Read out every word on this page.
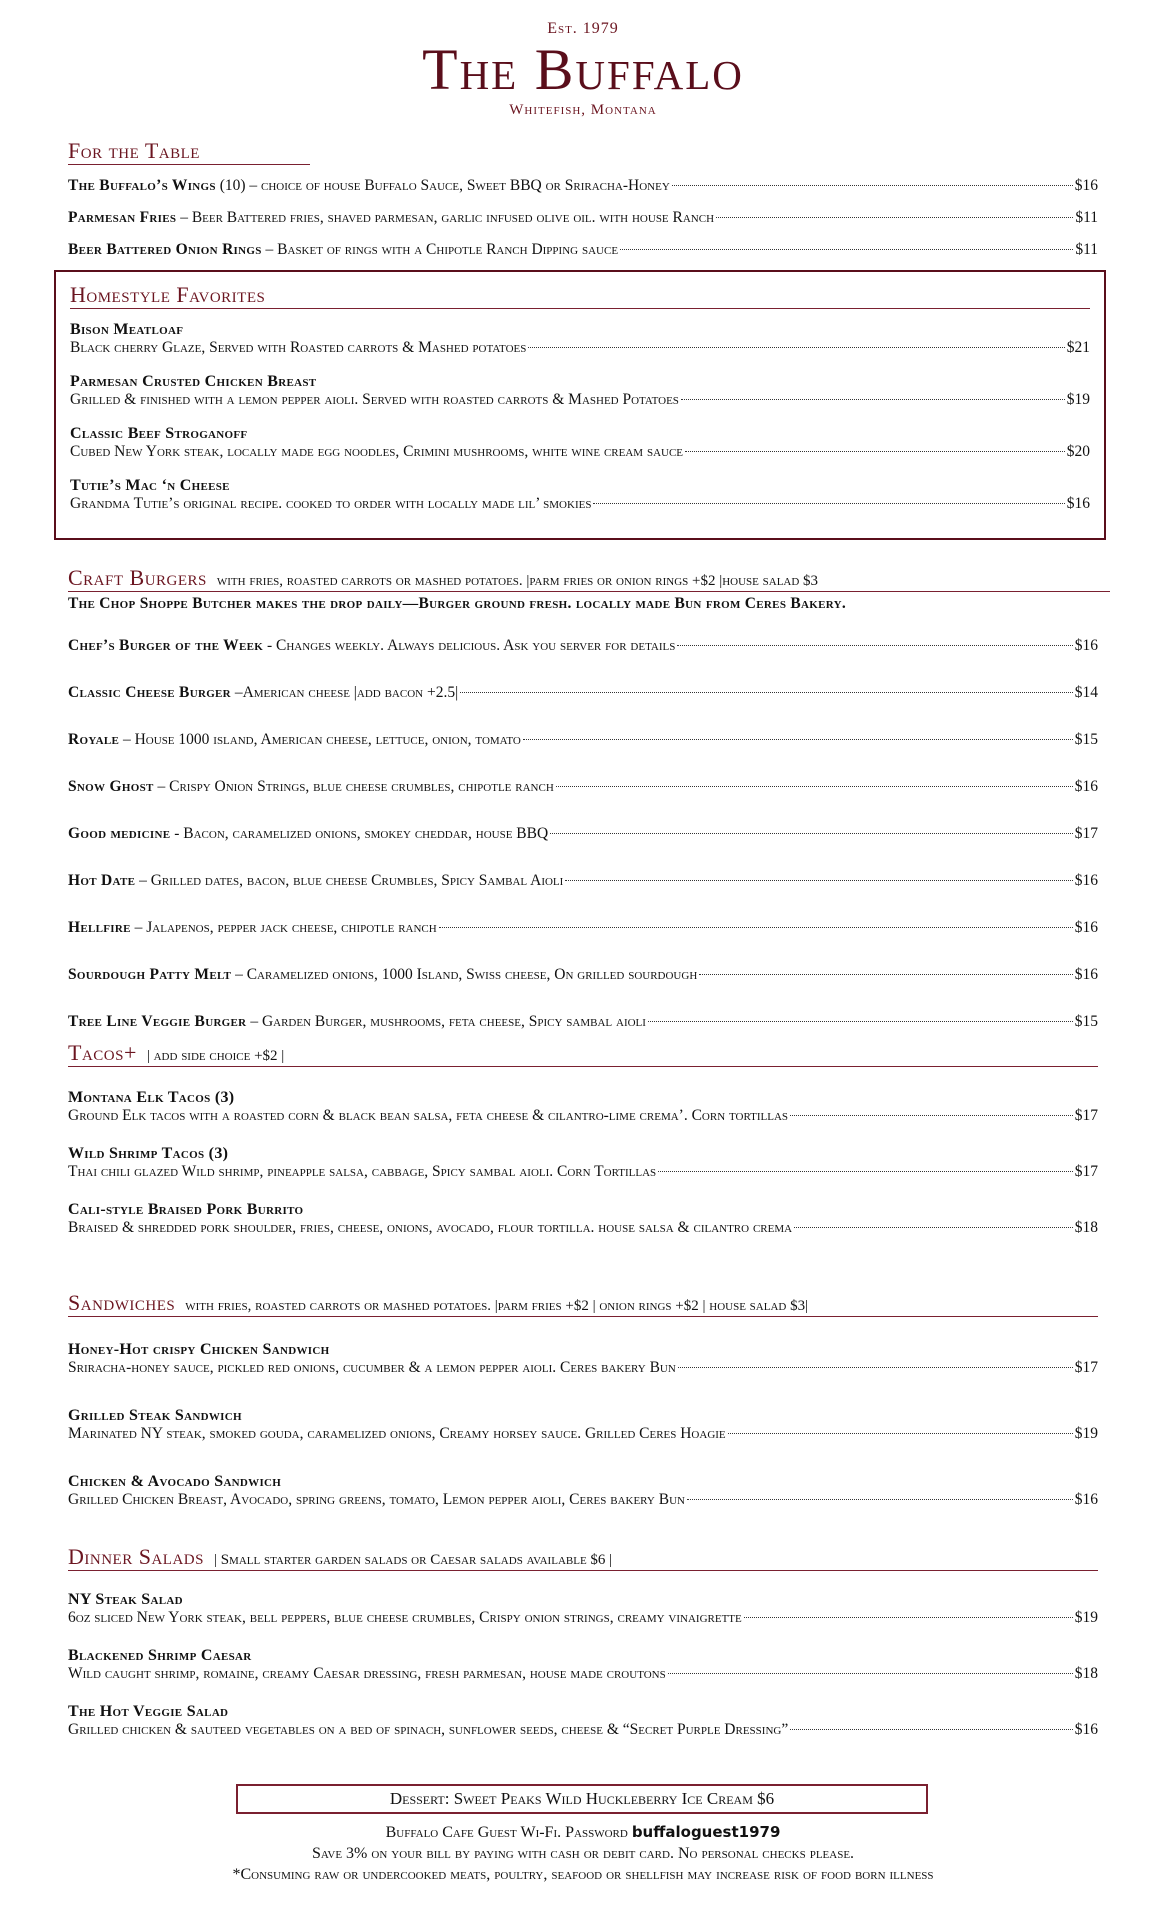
Est. 1979
The Buffalo
Whitefish, Montana
For the Table
The Buffalo’s Wings (10) – choice of house Buffalo Sauce, Sweet BBQ or Sriracha-Honey	$16
Parmesan Fries – Beer Battered fries, shaved parmesan, garlic infused olive oil. with house Ranch	$11
Beer Battered Onion Rings – Basket of rings with a Chipotle Ranch Dipping sauce	$11
Homestyle Favorites
Bison Meatloaf
Black cherry Glaze, Served with Roasted carrots & Mashed potatoes	$21
Parmesan Crusted Chicken Breast
Grilled & finished with a lemon pepper aioli. Served with roasted carrots & Mashed Potatoes	$19
Classic Beef Stroganoff
Cubed New York steak, locally made egg noodles, Crimini mushrooms, white wine cream sauce	$20
Tutie’s Mac ‘n Cheese
Grandma Tutie’s original recipe. cooked to order with locally made lil’ smokies	$16
Craft Burgers with fries, roasted carrots or mashed potatoes. |parm fries or onion rings +$2 |house salad $3
The Chop Shoppe Butcher makes the drop daily—Burger ground fresh. locally made Bun from Ceres Bakery.
Chef’s Burger of the Week - Changes weekly. Always delicious. Ask you server for details	$16
Classic Cheese Burger –American cheese |add bacon +2.5|	$14
Royale – House 1000 island, American cheese, lettuce, onion, tomato	$15
Snow Ghost – Crispy Onion Strings, blue cheese crumbles, chipotle ranch	$16
Good medicine - Bacon, caramelized onions, smokey cheddar, house BBQ	$17
Hot Date – Grilled dates, bacon, blue cheese Crumbles, Spicy Sambal Aioli	$16
Hellfire – Jalapenos, pepper jack cheese, chipotle ranch	$16
Sourdough Patty Melt – Caramelized onions, 1000 Island, Swiss cheese, On grilled sourdough	$16
Tree Line Veggie Burger – Garden Burger, mushrooms, feta cheese, Spicy sambal aioli	$15
Tacos+ | add side choice +$2 |
Montana Elk Tacos (3)
Ground Elk tacos with a roasted corn & black bean salsa, feta cheese & cilantro-lime crema’. Corn tortillas	$17
Wild Shrimp Tacos (3)
Thai chili glazed Wild shrimp, pineapple salsa, cabbage, Spicy sambal aioli. Corn Tortillas	$17
Cali-style Braised Pork Burrito
Braised & shredded pork shoulder, fries, cheese, onions, avocado, flour tortilla. house salsa & cilantro crema	$18
Sandwiches with fries, roasted carrots or mashed potatoes. |parm fries +$2 | onion rings +$2 | house salad $3|
Honey-Hot crispy Chicken Sandwich
Sriracha-honey sauce, pickled red onions, cucumber & a lemon pepper aioli. Ceres bakery Bun	$17
Grilled Steak Sandwich
Marinated NY steak, smoked gouda, caramelized onions, Creamy horsey sauce. Grilled Ceres Hoagie	$19
Chicken & Avocado Sandwich
Grilled Chicken Breast, Avocado, spring greens, tomato, Lemon pepper aioli, Ceres bakery Bun	$16
Dinner Salads | Small starter garden salads or Caesar salads available $6 |
NY Steak Salad
6oz sliced New York steak, bell peppers, blue cheese crumbles, Crispy onion strings, creamy vinaigrette	$19
Blackened Shrimp Caesar
Wild caught shrimp, romaine, creamy Caesar dressing, fresh parmesan, house made croutons	$18
The Hot Veggie Salad
Grilled chicken & sauteed vegetables on a bed of spinach, sunflower seeds, cheese & “Secret Purple Dressing”	$16
Dessert: Sweet Peaks Wild Huckleberry Ice Cream $6
Buffalo Cafe Guest Wi-Fi. Password buffaloguest1979
Save 3% on your bill by paying with cash or debit card. No personal checks please.
*Consuming raw or undercooked meats, poultry, seafood or shellfish may increase risk of food born illness
